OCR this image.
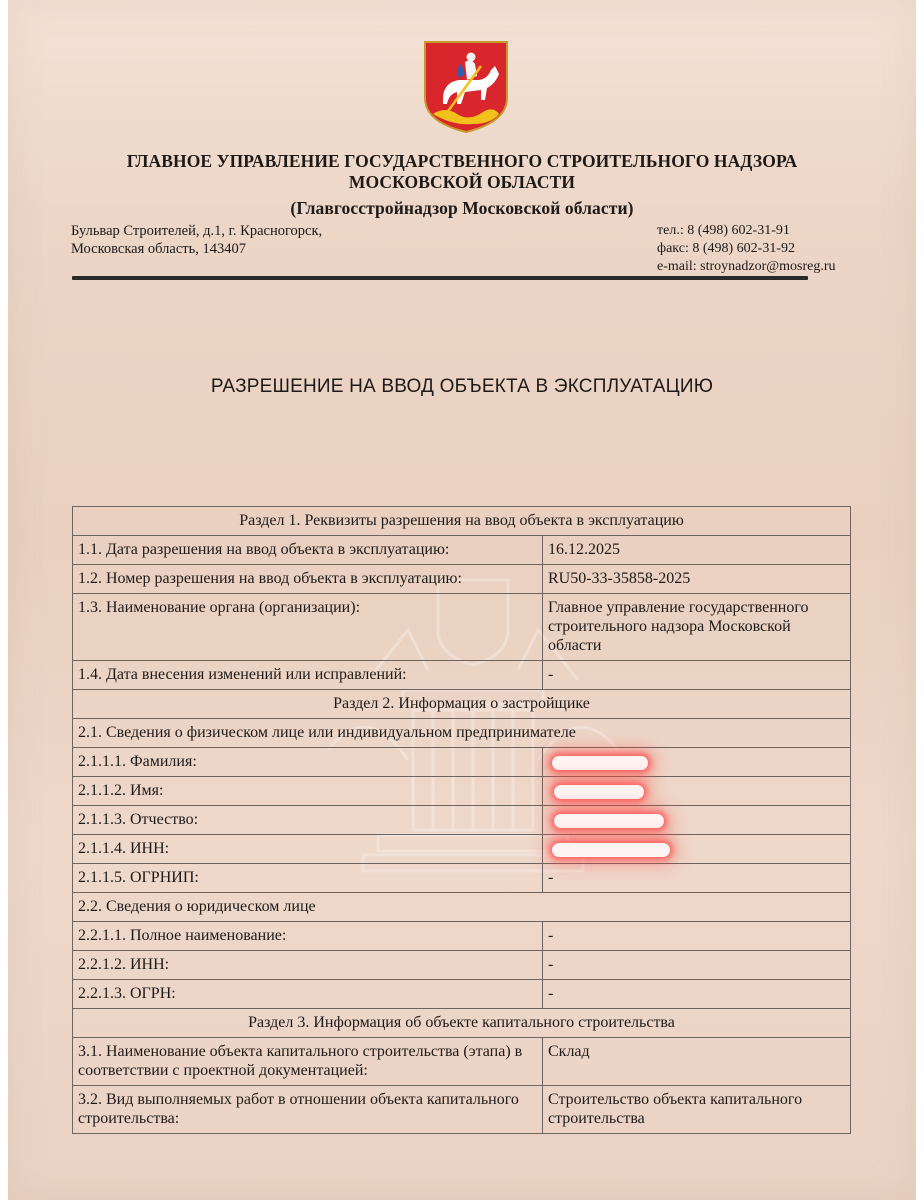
ГЛАВНОЕ УПРАВЛЕНИЕ ГОСУДАРСТВЕННОГО СТРОИТЕЛЬНОГО НАДЗОРА
МОСКОВСКОЙ ОБЛАСТИ
(Главгосстройнадзор Московской области)
Бульвар Строителей, д.1, г. Красногорск,
Московская область, 143407
тел.: 8 (498) 602-31-91
факс: 8 (498) 602-31-92
e-mail: stroynadzor@mosreg.ru
РАЗРЕШЕНИЕ НА ВВОД ОБЪЕКТА В ЭКСПЛУАТАЦИЮ
Раздел 1. Реквизиты разрешения на ввод объекта в эксплуатацию	
1.1. Дата разрешения на ввод объекта в эксплуатацию:	16.12.2025
1.2. Номер разрешения на ввод объекта в эксплуатацию:	RU50-33-35858-2025
1.3. Наименование органа (организации):	Главное управление государственного строительного надзора Московской области
1.4. Дата внесения изменений или исправлений:	-
Раздел 2. Информация о застройщике	
2.1. Сведения о физическом лице или индивидуальном предпринимателе	
2.1.1.1. Фамилия:	
2.1.1.2. Имя:	
2.1.1.3. Отчество:	
2.1.1.4. ИНН:	
2.1.1.5. ОГРНИП:	-
2.2. Сведения о юридическом лице	
2.2.1.1. Полное наименование:	-
2.2.1.2. ИНН:	-
2.2.1.3. ОГРН:	-
Раздел 3. Информация об объекте капитального строительства	
3.1. Наименование объекта капитального строительства (этапа) в соответствии с проектной документацией:	Склад
3.2. Вид выполняемых работ в отношении объекта капитального строительства:	Строительство объекта капитального строительства
